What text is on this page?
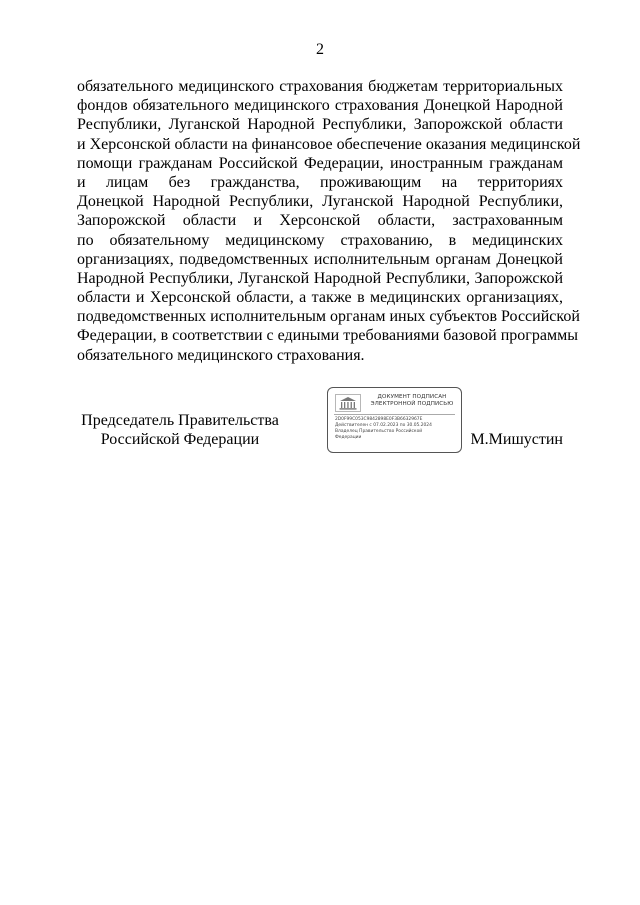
2
обязательного медицинского страхования бюджетам территориальных
фондов обязательного медицинского страхования Донецкой Народной
Республики, Луганской Народной Республики, Запорожской области
и Херсонской области на финансовое обеспечение оказания медицинской
помощи гражданам Российской Федерации, иностранным гражданам
и лицам без гражданства, проживающим на территориях
Донецкой Народной Республики, Луганской Народной Республики,
Запорожской области и Херсонской области, застрахованным
по обязательному медицинскому страхованию, в медицинских
организациях, подведомственных исполнительным органам Донецкой
Народной Республики, Луганской Народной Республики, Запорожской
области и Херсонской области, а также в медицинских организациях,
подведомственных исполнительным органам иных субъектов Российской
Федерации, в соответствии с едиными требованиями базовой программы
обязательного медицинского страхования.
Председатель Правительства
Российской Федерации
ДОКУМЕНТ ПОДПИСАН
ЭЛЕКТРОННОЙ ПОДПИСЬЮ
2D0F99C053C9842898E0F3B6632967E
Действителен с 07.02.2023 по 30.05.2024
Владелец Правительство Российской
Федерации	М.Мишустин
